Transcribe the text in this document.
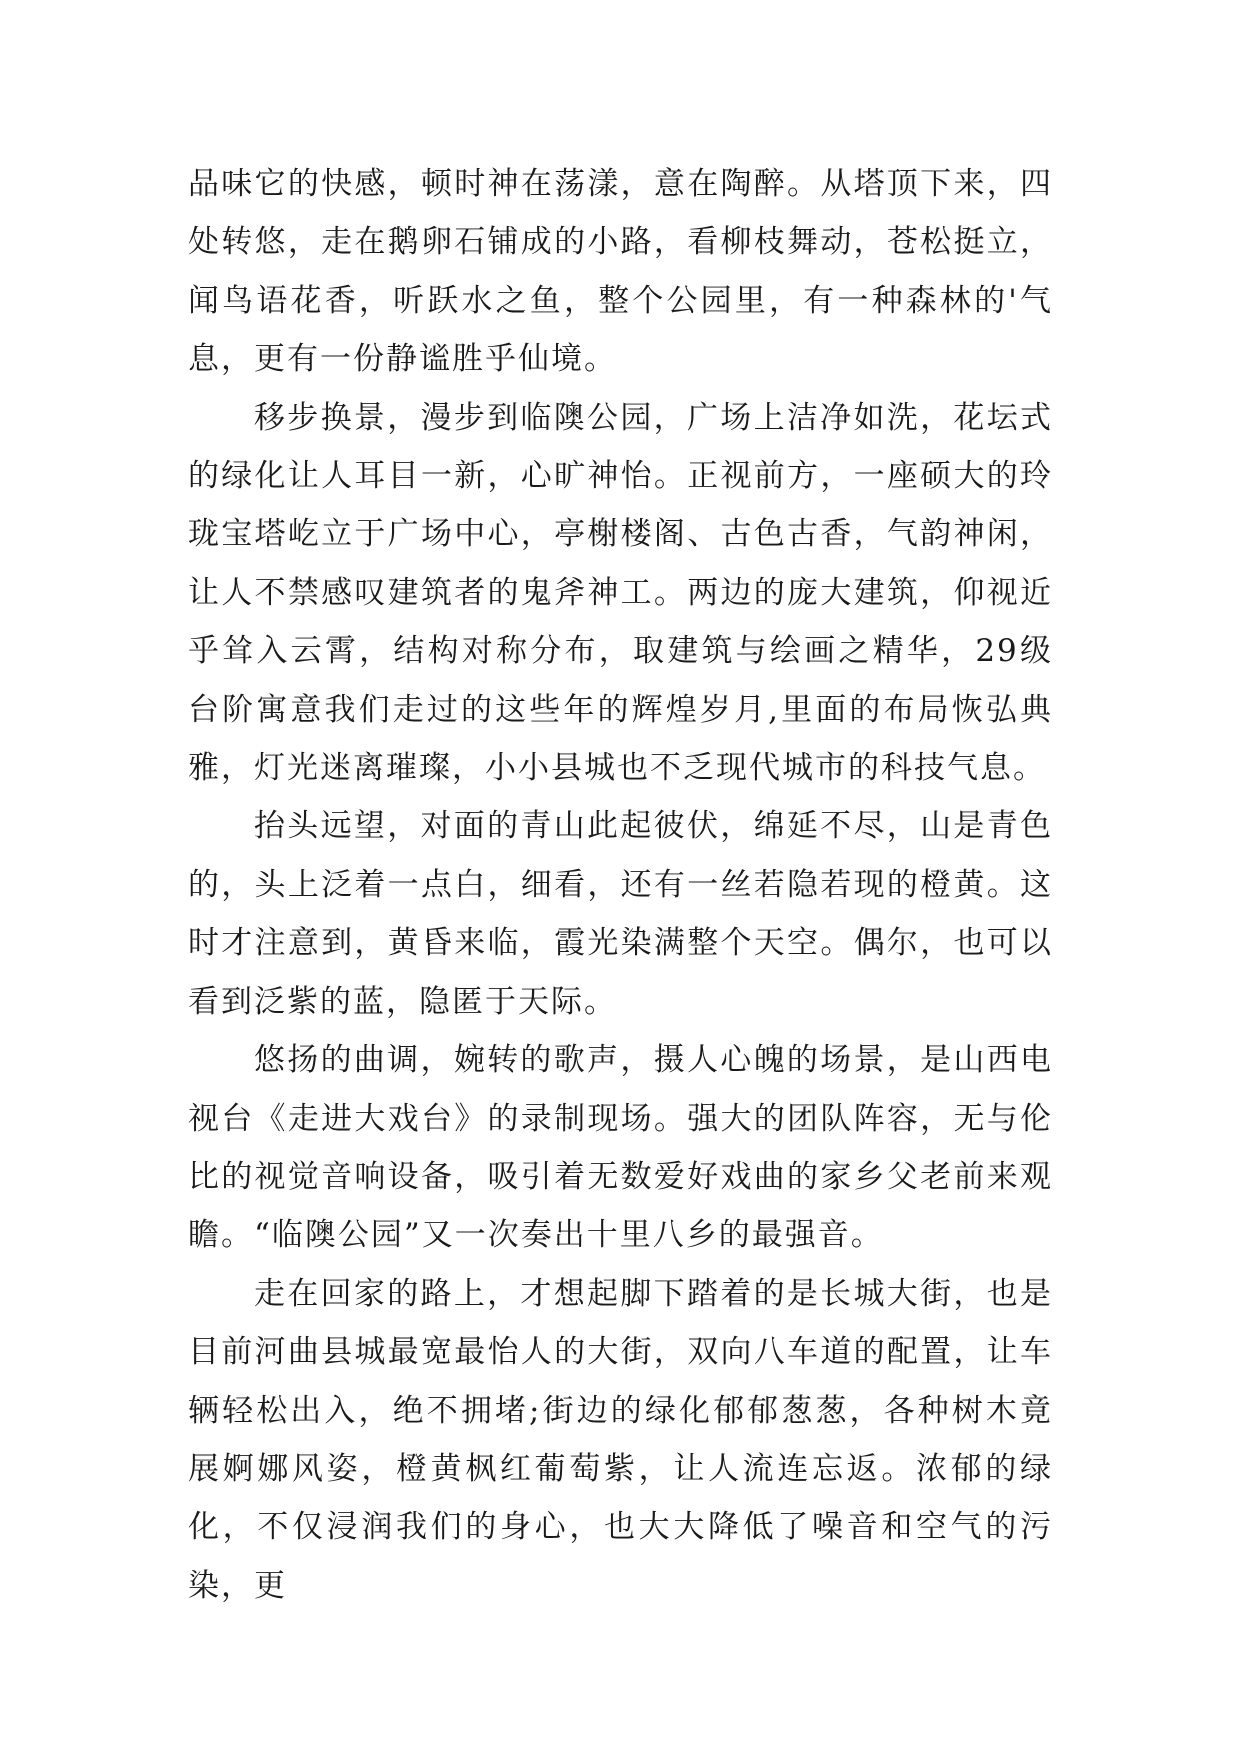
品味它的快感，顿时神在荡漾，意在陶醉。从塔顶下来，四处转悠，走在鹅卵石铺成的小路，看柳枝舞动，苍松挺立，闻鸟语花香，听跃水之鱼，整个公园里，有一种森林的'气息，更有一份静谧胜乎仙境。

移步换景，漫步到临隩公园，广场上洁净如洗，花坛式的绿化让人耳目一新，心旷神怡。正视前方，一座硕大的玲珑宝塔屹立于广场中心，亭榭楼阁、古色古香，气韵神闲，让人不禁感叹建筑者的鬼斧神工。两边的庞大建筑，仰视近乎耸入云霄，结构对称分布，取建筑与绘画之精华，29级台阶寓意我们走过的这些年的辉煌岁月,里面的布局恢弘典雅，灯光迷离璀璨，小小县城也不乏现代城市的科技气息。

抬头远望，对面的青山此起彼伏，绵延不尽，山是青色的，头上泛着一点白，细看，还有一丝若隐若现的橙黄。这时才注意到，黄昏来临，霞光染满整个天空。偶尔，也可以看到泛紫的蓝，隐匿于天际。

悠扬的曲调，婉转的歌声，摄人心魄的场景，是山西电视台《走进大戏台》的录制现场。强大的团队阵容，无与伦比的视觉音响设备，吸引着无数爱好戏曲的家乡父老前来观瞻。“临隩公园”又一次奏出十里八乡的最强音。

走在回家的路上，才想起脚下踏着的是长城大街，也是目前河曲县城最宽最怡人的大街，双向八车道的配置，让车辆轻松出入，绝不拥堵;街边的绿化郁郁葱葱，各种树木竟展婀娜风姿，橙黄枫红葡萄紫，让人流连忘返。浓郁的绿化，不仅浸润我们的身心，也大大降低了噪音和空气的污染，更
